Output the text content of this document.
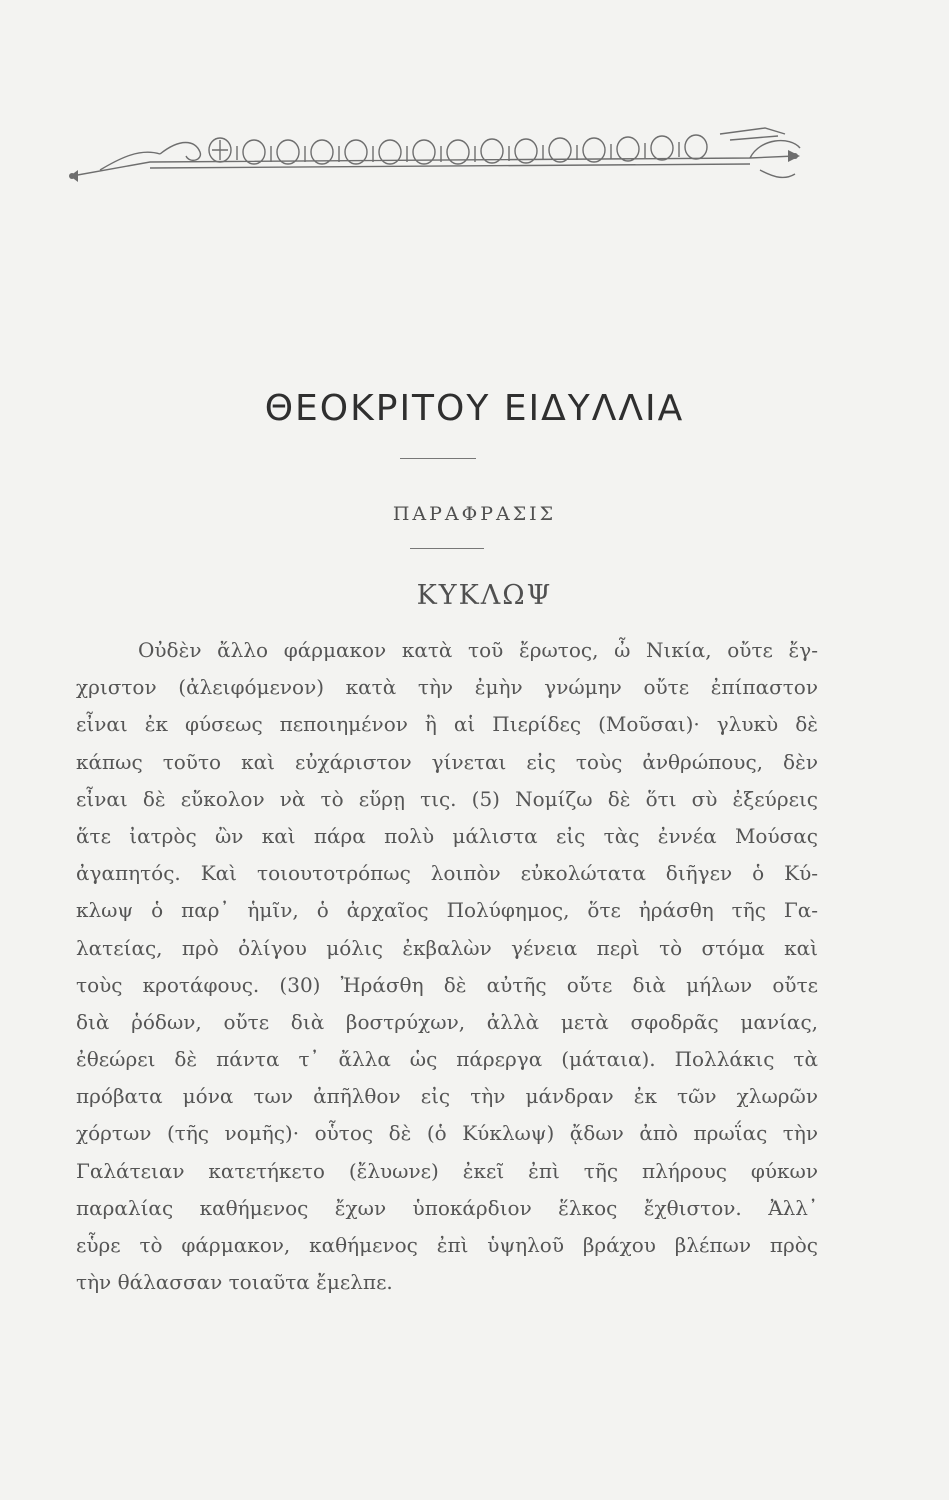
ΘΕΟΚΡΙΤΟΥ ΕΙΔΥΛΛΙΑ
ΠΑΡΑΦΡΑΣΙΣ
ΚΥΚΛΩΨ
Οὐδὲν ἄλλο φάρμακον κατὰ τοῦ ἔρωτος, ὦ Νικία, οὔτε ἔγ-
χριστον (ἀλειφόμενον) κατὰ τὴν ἐμὴν γνώμην οὔτε ἐπίπαστον
εἶναι ἐκ φύσεως πεποιημένον ἢ αἱ Πιερίδες (Μοῦσαι)· γλυκὺ δὲ
κάπως τοῦτο καὶ εὐχάριστον γίνεται εἰς τοὺς ἀνθρώπους, δὲν
εἶναι δὲ εὔκολον νὰ τὸ εὕρῃ τις. (5) Νομίζω δὲ ὅτι σὺ ἐξεύρεις
ἅτε ἰατρὸς ὢν καὶ πάρα πολὺ μάλιστα εἰς τὰς ἐννέα Μούσας
ἀγαπητός. Καὶ τοιουτοτρόπως λοιπὸν εὐκολώτατα διῆγεν ὁ Κύ-
κλωψ ὁ παρ᾽ ἡμῖν, ὁ ἀρχαῖος Πολύφημος, ὅτε ἠράσθη τῆς Γα-
λατείας, πρὸ ὀλίγου μόλις ἐκβαλὼν γένεια περὶ τὸ στόμα καὶ
τοὺς κροτάφους. (30) Ἠράσθη δὲ αὐτῆς οὔτε διὰ μήλων οὔτε
διὰ ῥόδων, οὔτε διὰ βοστρύχων, ἀλλὰ μετὰ σφοδρᾶς μανίας,
ἐθεώρει δὲ πάντα τ᾽ ἄλλα ὡς πάρεργα (μάταια). Πολλάκις τὰ
πρόβατα μόνα των ἀπῆλθον εἰς τὴν μάνδραν ἐκ τῶν χλωρῶν
χόρτων (τῆς νομῆς)· οὗτος δὲ (ὁ Κύκλωψ) ᾄδων ἀπὸ πρωΐας τὴν
Γαλάτειαν κατετήκετο (ἔλυωνε) ἐκεῖ ἐπὶ τῆς πλήρους φύκων
παραλίας καθήμενος ἔχων ὑποκάρδιον ἕλκος ἔχθιστον. Ἀλλ᾽
εὗρε τὸ φάρμακον, καθήμενος ἐπὶ ὑψηλοῦ βράχου βλέπων πρὸς
τὴν θάλασσαν τοιαῦτα ἔμελπε.
